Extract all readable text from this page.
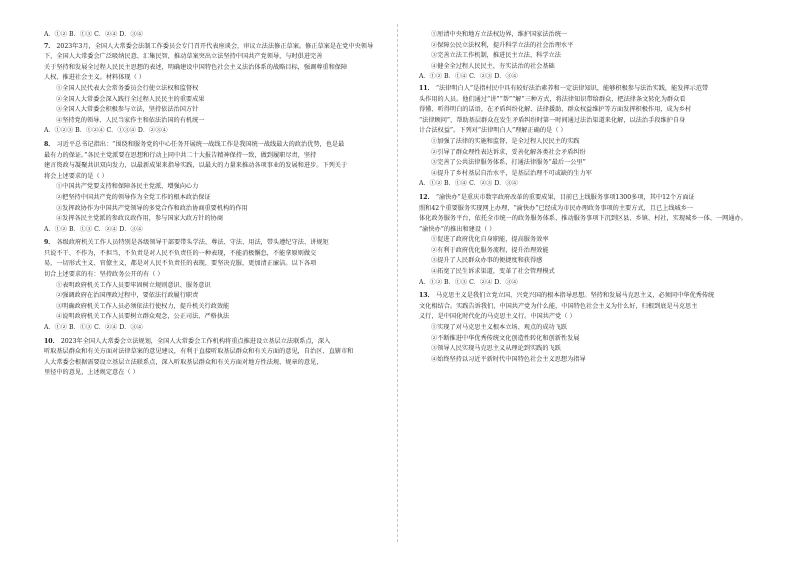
A．①② B．①③ C．②④ D．③④
7． 2023年3月，全国人大常委会法制工作委员会专门召开代表座谈会，审议立法法修正草案。修正草案是在党中央领导
下，全国人大常委会广泛吸纳民意、汇集民智，推动草案突出立法坚持中国共产党领导，与时俱进完善
关于坚持和发展全过程人民民主思想的表述，明确建设中国特色社会主义法治体系的战略目标，强调尊重和保障
人权、推进社会主义。材料体现（ ）
①全国人民代表大会常务委员会行使立法权和监督权
②全国人大常委会深入践行全过程人民民主的重要成果
③全国人大常委会积极参与立法，坚持依法治国方针
④坚持党的领导、人民当家作主和依法治国的有机统一
A．①②③ B．①②④ C．①③④ D．②③④
8． 习近平总书记指出：“围绕和服务党的中心任务开展统一战线工作是我国统一战线最大的政治优势，也是最
最有力的保证。”各民主党派要在思想和行动上同中共二十大报告精神保持一致，做到履职尽责，坚持
建言资政与凝聚共识双向发力，以最新成果来指导实践，以最大的力量来推动各项事业的发展和进步。下列关于
将会上述要求的是（ ）
①中国共产党要支持和保障各民主党派，增强向心力
②把坚持中国共产党的领导作为全党工作的根本政治保证
③发挥政协作为中国共产党领导的多党合作和政治协商重要机构的作用
④发挥各民主党派的参政议政作用，参与国家大政方针的协商
A．①② B．①③ C．②④ D．③④
9． 各级政府机关工作人员特别是各级领导干部要带头学法、尊法、守法、用法，带头遵纪守法、讲规矩
只说不干、不作为，不担当，不负责是对人民不负责任的一种表现，不能消极懈怠，不能拿原则做交
易，一切形式主义、官僚主义，都是对人民不负责任的表现，要坚决克服，更加清正廉洁。以下各项
切合上述要求的有：坚持政务公开的有（ ）
①表明政府机关工作人员要牢固树立规则意识、服务意识
②强调政府在治国理政过程中，要依法行政履行职责
③明确政府机关工作人员必须依法行使权力，提升机关行政效能
④说明政府机关工作人员要树立群众观念，公正司法、严格执法
A．①② B．①③ C．②④ D．③④
10． 2023年全国人大常委会立法规划，全国人大常委会工作机构将重点推进设立基层立法联系点，深入
听取基层群众和有关方面对法律草案的意见建议，有利于直接听取基层群众和有关方面的意见，自治区、直辖市和
人大常委会根据需要设立基层立法联系点，深入听取基层群众和有关方面对地方性法规、规章的意见，
里径中的意见，上述规定意在（ ）
①厘清中央和地方立法权边界，维护国家法治统一
②保障公民立法权利，提升科学立法的社会治理水平
③完善立法工作机制，推进民主立法、科学立法
④健全全过程人民民主，夯实法治的社会基础
A．①② B．①④ C．②③ D．③④
11． “法律明白人”是指村民中具有较好法治素养和一定法律知识，能够积极参与法治实践，能发挥示范带
头作用的人员。他们通过“讲”“帮”“解”三种方式，将法律知识带给群众，把法律条文转化为群众看
得懂、听得明白的话语，在矛盾纠纷化解、法律援助、群众权益维护等方面发挥积极作用，成为乡村
“法律顾问”，帮助基层群众在发生矛盾纠纷时第一时间通过法治渠道来化解，以法治手段维护自身
计合法权益”。下列对“法律明白人”理解正确的是（ ）
①加强了法律的实施和监督，是全过程人民民主的实践
②引导了群众理性表达诉求，妥善化解各类社会矛盾纠纷
③完善了公共法律服务体系，打通法律服务“最后一公里”
④提升了乡村基层自治水平，是基层治理不可或缺的生力军
A．①② B．①④ C．②③ D．③④
12． “渝快办”是重庆市数字政府改革的重要成果，目前已上线服务事项1300多项，其中12个方面证
照和42个重要服务实现网上办理，“渝快办”已经成为市民办理政务事项的主要方式，且已上线城乡一
体化政务服务平台，依托全市统一的政务服务体系，推动服务事项下沉到区县、乡镇、村社，实现城乡一体、一网通办。
“渝快办”的推出和建设（ ）
①促进了政府优化自身职能，提高服务效率
②有利于政府优化服务流程，提升治理效能
③提升了人民群众办事的便捷度和获得感
④拓宽了民生诉求渠道，变革了社会管理模式
A．①② B．①③ C．②④ D．③④
13． 马克思主义是我们立党立国、兴党兴国的根本指导思想。坚持和发展马克思主义，必须同中华优秀传统
文化相结合。实践告诉我们，中国共产党为什么能，中国特色社会主义为什么好，归根到底是马克思主
义行，是中国化时代化的马克思主义行。中国共产党（ ）
①实现了对马克思主义根本立场、观点的成功飞跃
②不断推进中华优秀传统文化创造性转化和创新性发展
③领导人民实现马克思主义从理论到实践的飞跃
④始终坚持以习近平新时代中国特色社会主义思想为指导
